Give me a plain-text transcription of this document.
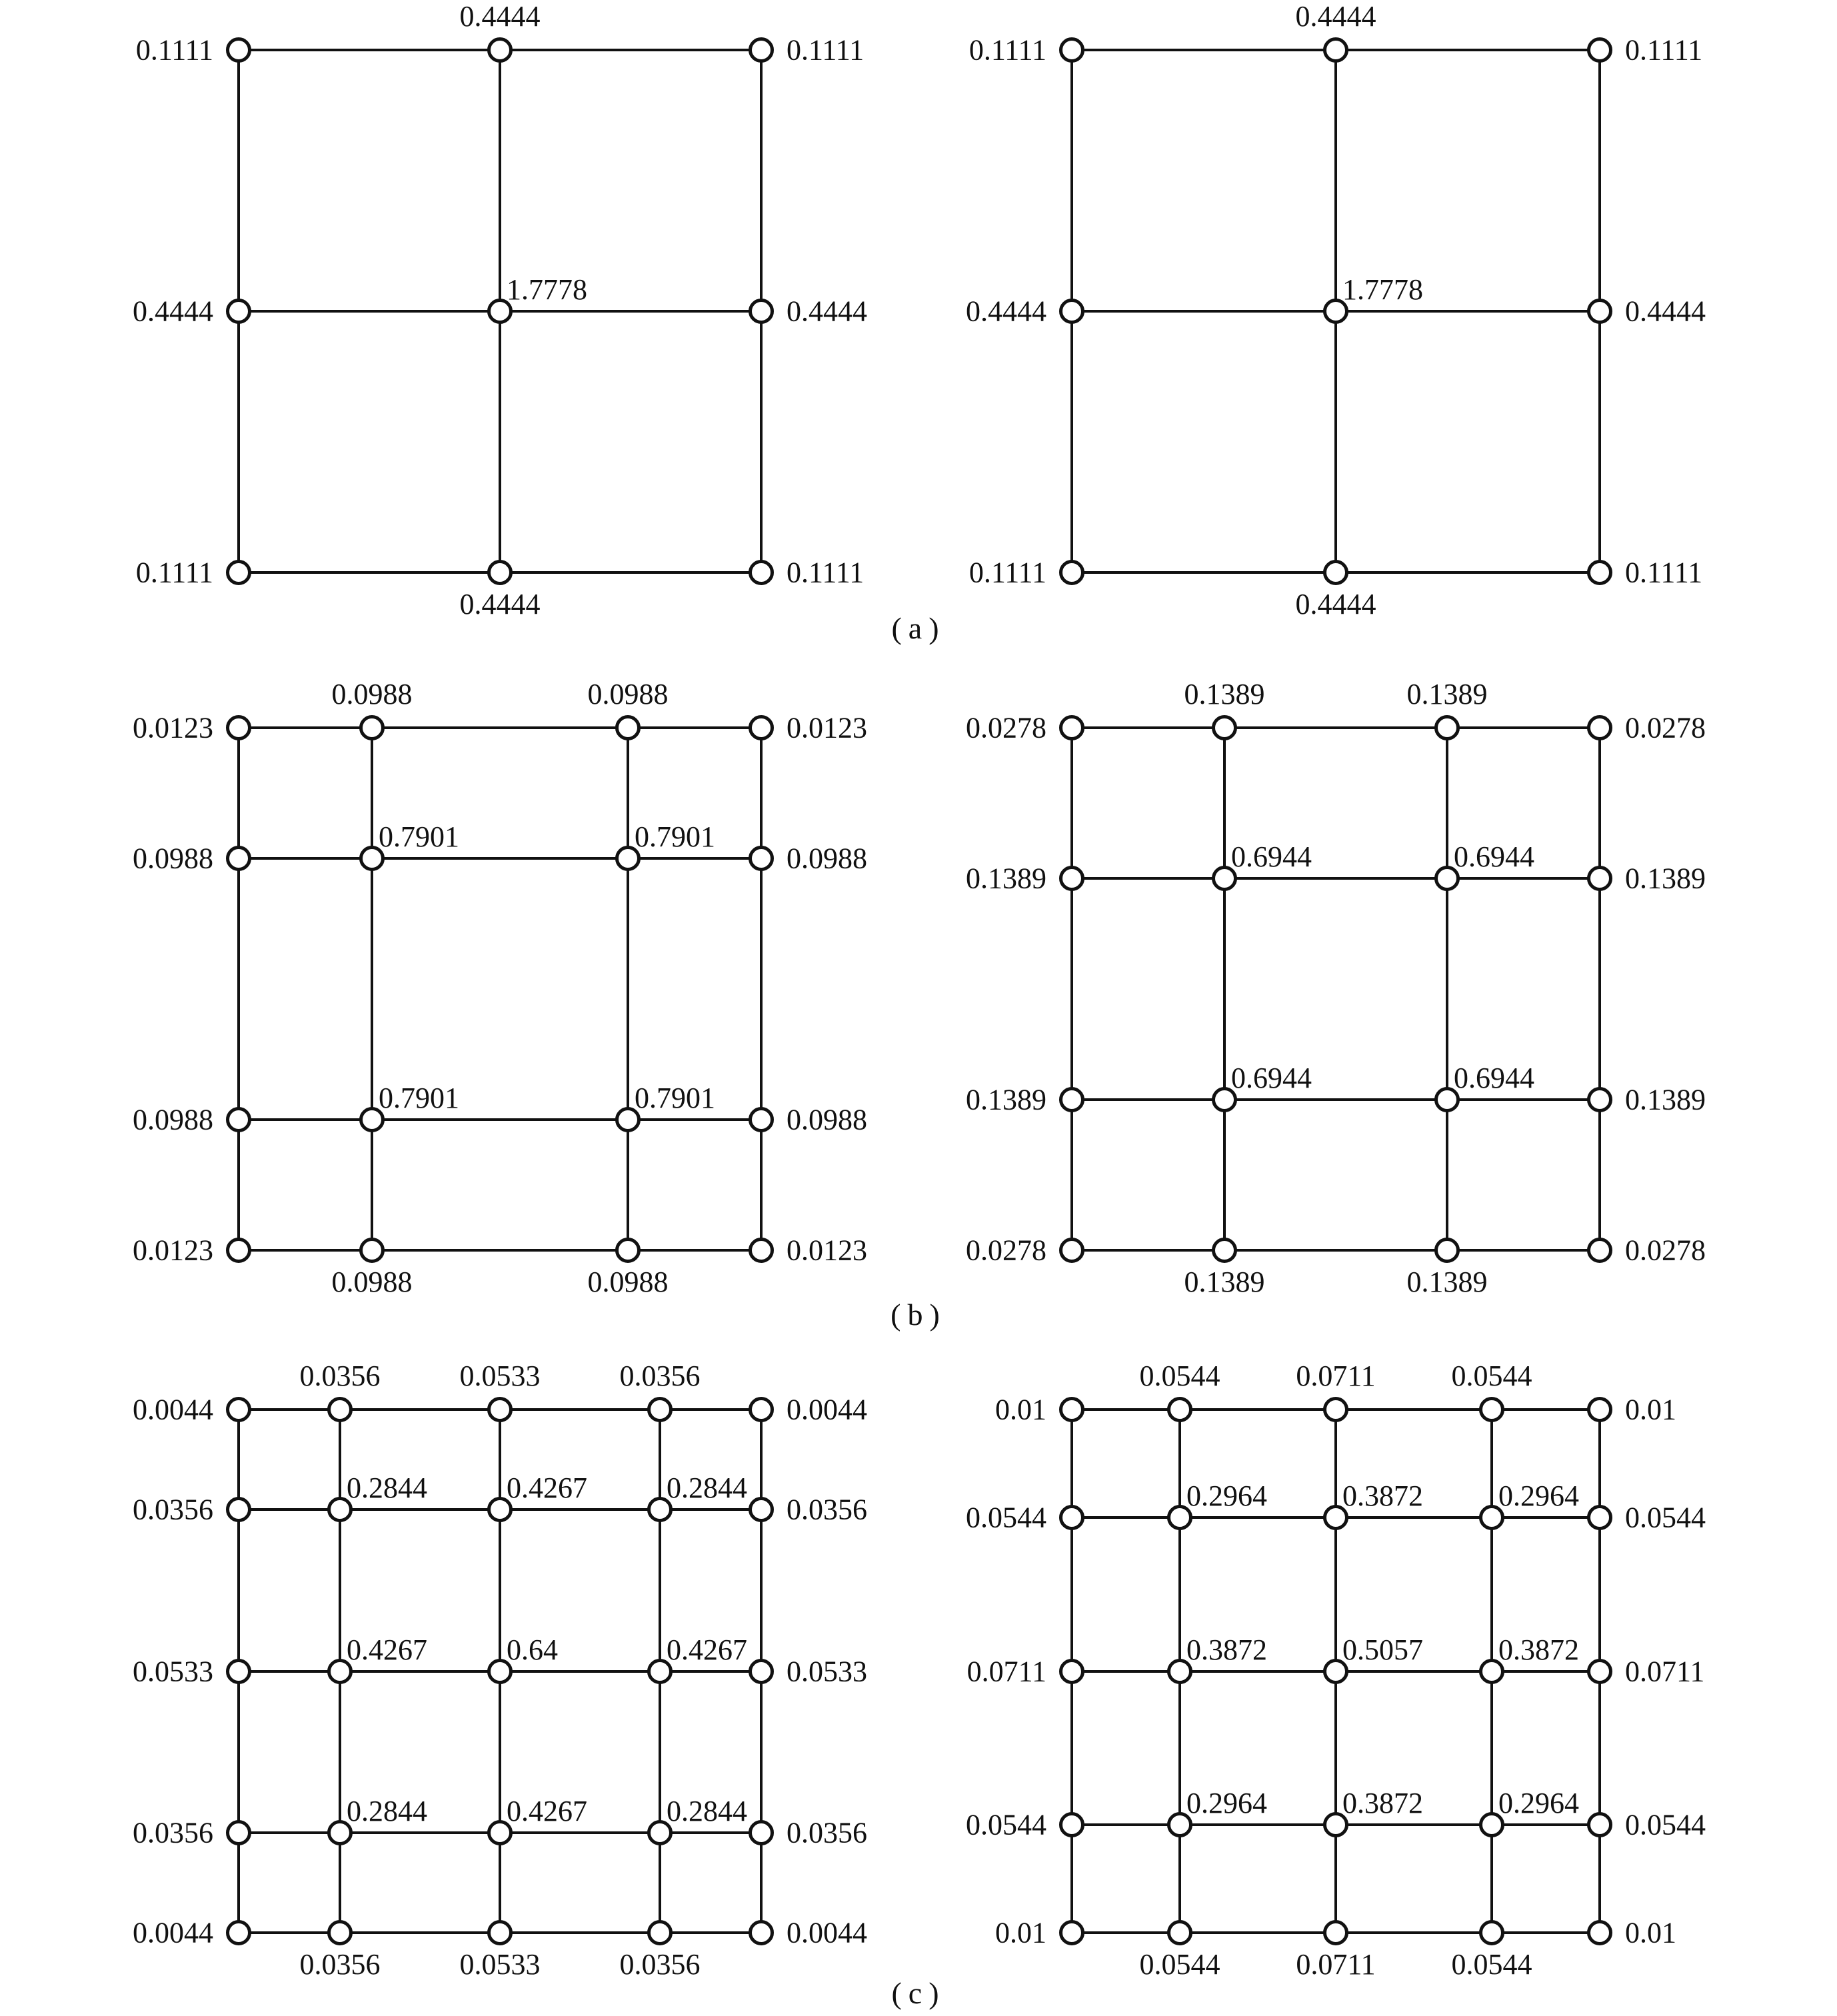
0.1111	0.1111
0.4444	0.4444
0.1111	0.1111
0.4444
0.4444
1.7778
0.1111	0.1111
0.4444	0.4444
0.1111	0.1111
0.4444
0.4444
1.7778
0.0123	0.0123
0.0988	0.0988
0.0988	0.0988
0.0123	0.0123
0.0988
0.0988
0.0988
0.0988
0.7901	0.7901
0.7901	0.7901
0.0278	0.0278
0.1389	0.1389
0.1389	0.1389
0.0278	0.0278
0.1389
0.1389
0.1389
0.1389
0.6944	0.6944
0.6944	0.6944
0.0044	0.0044
0.0356	0.0356
0.0533	0.0533
0.0356	0.0356
0.0044	0.0044
0.0356
0.0356
0.0533
0.0533
0.0356
0.0356
0.2844	0.4267	0.2844
0.4267	0.64	0.4267
0.2844	0.4267	0.2844
0.01	0.01
0.0544	0.0544
0.0711	0.0711
0.0544	0.0544
0.01	0.01
0.0544
0.0544
0.0711
0.0711
0.0544
0.0544
0.2964	0.3872	0.2964
0.3872	0.5057	0.3872
0.2964	0.3872	0.2964
(a)
(b)
(c)
